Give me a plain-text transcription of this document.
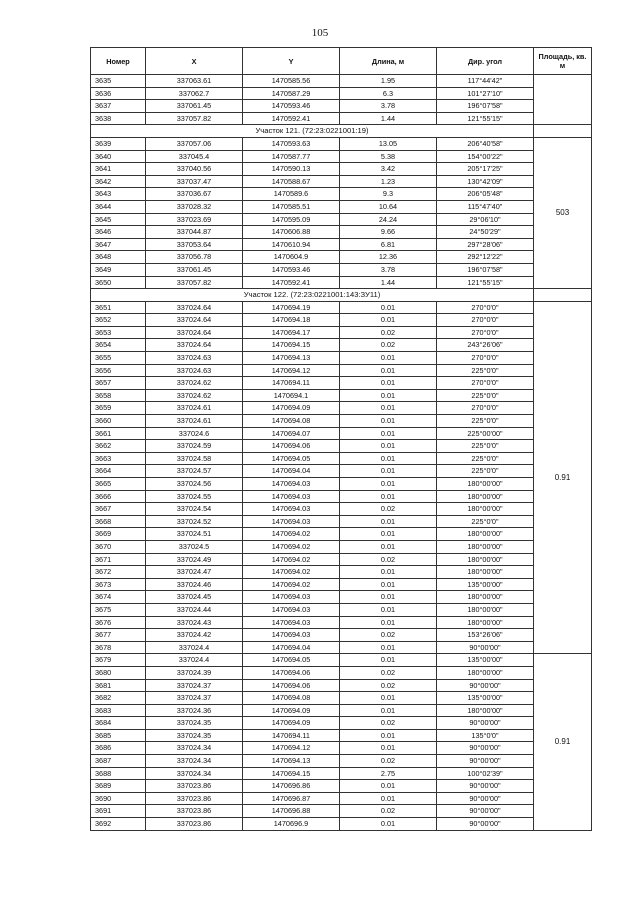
105
Номер	X	Y	Длина, м	Дир. угол	Площадь, кв. м
3635	337063.61	1470585.56	1.95	117°44'42"	
3636	337062.7	1470587.29	6.3	101°27'10"	
3637	337061.45	1470593.46	3.78	196°07'58"	
3638	337057.82	1470592.41	1.44	121°55'15"	
Участок 121. (72:23:0221001:19)					
3639	337057.06	1470593.63	13.05	206°40'58"	503
3640	337045.4	1470587.77	5.38	154°00'22"	
3641	337040.56	1470590.13	3.42	205°17'25"	
3642	337037.47	1470588.67	1.23	130°42'09"	
3643	337036.67	1470589.6	9.3	206°05'48"	
3644	337028.32	1470585.51	10.64	115°47'40"	
3645	337023.69	1470595.09	24.24	29°06'10"	
3646	337044.87	1470606.88	9.66	24°50'29"	
3647	337053.64	1470610.94	6.81	297°28'06"	
3648	337056.78	1470604.9	12.36	292°12'22"	
3649	337061.45	1470593.46	3.78	196°07'58"	
3650	337057.82	1470592.41	1.44	121°55'15"	
Участок 122. (72:23:0221001:143:ЗУ11)					
3651	337024.64	1470694.19	0.01	270°0'0"	0.91
3652	337024.64	1470694.18	0.01	270°0'0"	
3653	337024.64	1470694.17	0.02	270°0'0"	
3654	337024.64	1470694.15	0.02	243°26'06"	
3655	337024.63	1470694.13	0.01	270°0'0"	
3656	337024.63	1470694.12	0.01	225°0'0"	
3657	337024.62	1470694.11	0.01	270°0'0"	
3658	337024.62	1470694.1	0.01	225°0'0"	
3659	337024.61	1470694.09	0.01	270°0'0"	
3660	337024.61	1470694.08	0.01	225°0'0"	
3661	337024.6	1470694.07	0.01	225°00'00"	
3662	337024.59	1470694.06	0.01	225°0'0"	
3663	337024.58	1470694.05	0.01	225°0'0"	
3664	337024.57	1470694.04	0.01	225°0'0"	
3665	337024.56	1470694.03	0.01	180°00'00"	
3666	337024.55	1470694.03	0.01	180°00'00"	
3667	337024.54	1470694.03	0.02	180°00'00"	
3668	337024.52	1470694.03	0.01	225°0'0"	
3669	337024.51	1470694.02	0.01	180°00'00"	
3670	337024.5	1470694.02	0.01	180°00'00"	
3671	337024.49	1470694.02	0.02	180°00'00"	
3672	337024.47	1470694.02	0.01	180°00'00"	
3673	337024.46	1470694.02	0.01	135°00'00"	
3674	337024.45	1470694.03	0.01	180°00'00"	
3675	337024.44	1470694.03	0.01	180°00'00"	
3676	337024.43	1470694.03	0.01	180°00'00"	
3677	337024.42	1470694.03	0.02	153°26'06"	
3678	337024.4	1470694.04	0.01	90°00'00"	
3679	337024.4	1470694.05	0.01	135°00'00"	0.91
3680	337024.39	1470694.06	0.02	180°00'00"	
3681	337024.37	1470694.06	0.02	90°00'00"	
3682	337024.37	1470694.08	0.01	135°00'00"	
3683	337024.36	1470694.09	0.01	180°00'00"	
3684	337024.35	1470694.09	0.02	90°00'00"	
3685	337024.35	1470694.11	0.01	135°0'0"	
3686	337024.34	1470694.12	0.01	90°00'00"	
3687	337024.34	1470694.13	0.02	90°00'00"	
3688	337024.34	1470694.15	2.75	100°02'39"	
3689	337023.86	1470696.86	0.01	90°00'00"	
3690	337023.86	1470696.87	0.01	90°00'00"	
3691	337023.86	1470696.88	0.02	90°00'00"	
3692	337023.86	1470696.9	0.01	90°00'00"	
